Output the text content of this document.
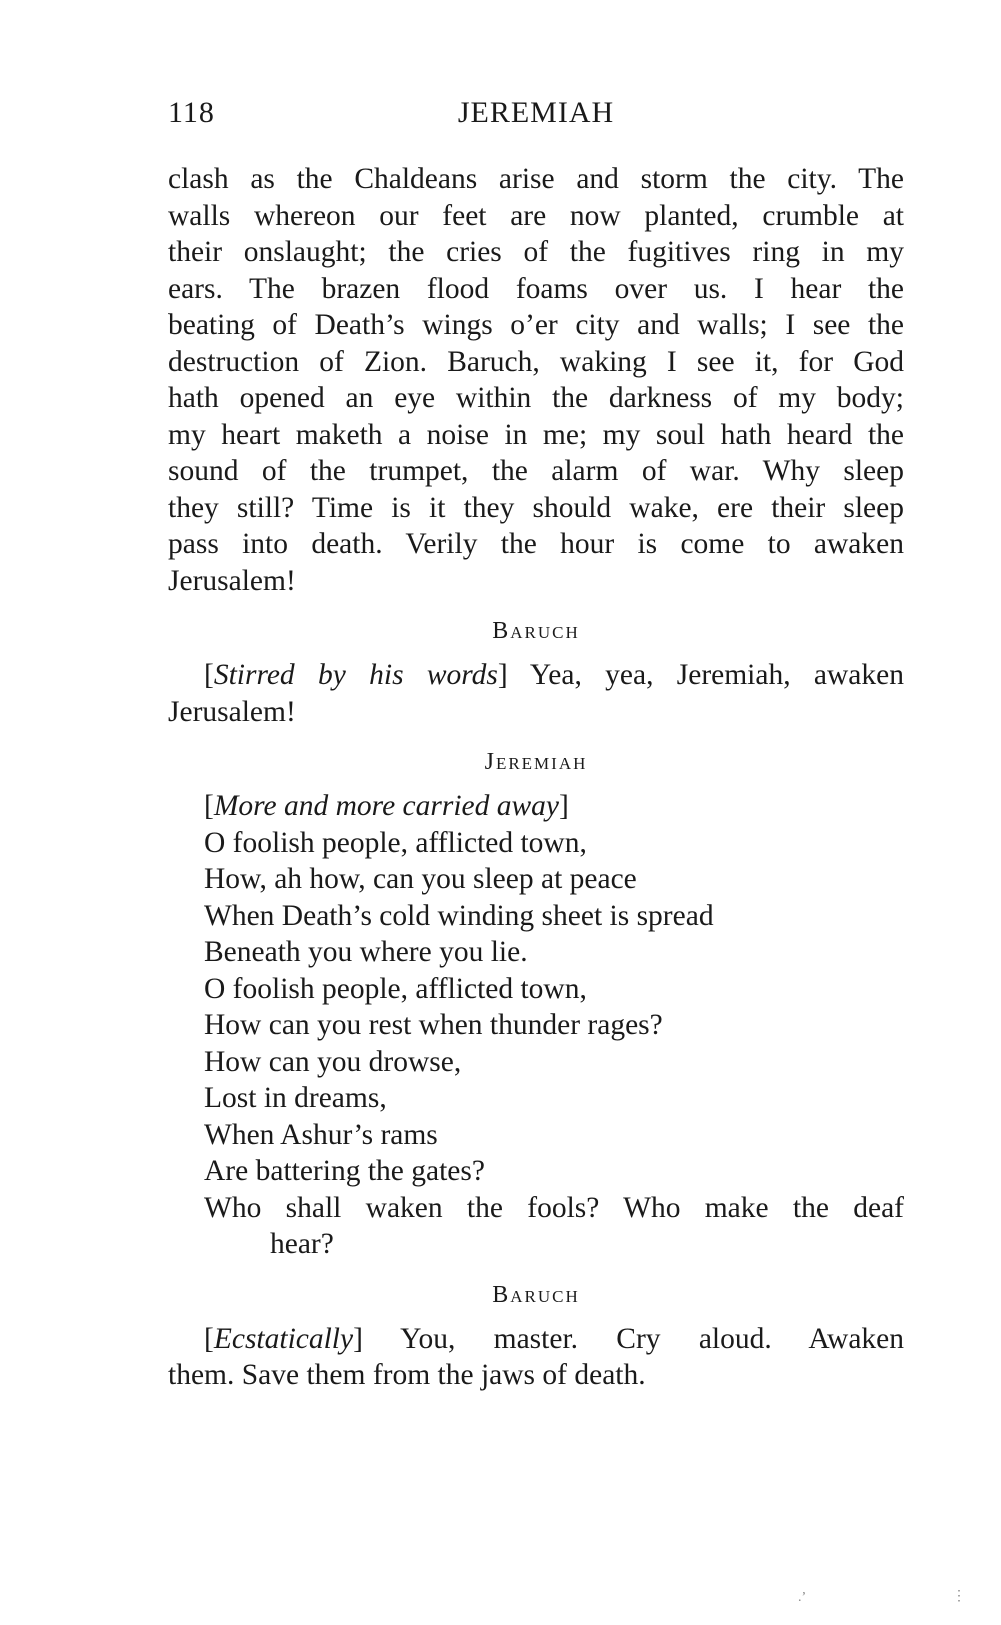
118	JEREMIAH
clash as the Chaldeans arise and storm the city. The
walls whereon our feet are now planted, crumble at
their onslaught; the cries of the fugitives ring in my
ears. The brazen flood foams over us. I hear the
beating of Death’s wings o’er city and walls; I see the
destruction of Zion. Baruch, waking I see it, for God
hath opened an eye within the darkness of my body;
my heart maketh a noise in me; my soul hath heard the
sound of the trumpet, the alarm of war. Why sleep
they still? Time is it they should wake, ere their sleep
pass into death. Verily the hour is come to awaken
Jerusalem!
Baruch
[Stirred by his words] Yea, yea, Jeremiah, awaken
Jerusalem!
Jeremiah
[More and more carried away]
O foolish people, afflicted town,
How, ah how, can you sleep at peace
When Death’s cold winding sheet is spread
Beneath you where you lie.
O foolish people, afflicted town,
How can you rest when thunder rages?
How can you drowse,
Lost in dreams,
When Ashur’s rams
Are battering the gates?
Who shall waken the fools? Who make the deaf
hear?
Baruch
[Ecstatically] You, master. Cry aloud. Awaken
them. Save them from the jaws of death.
.’	⋮
